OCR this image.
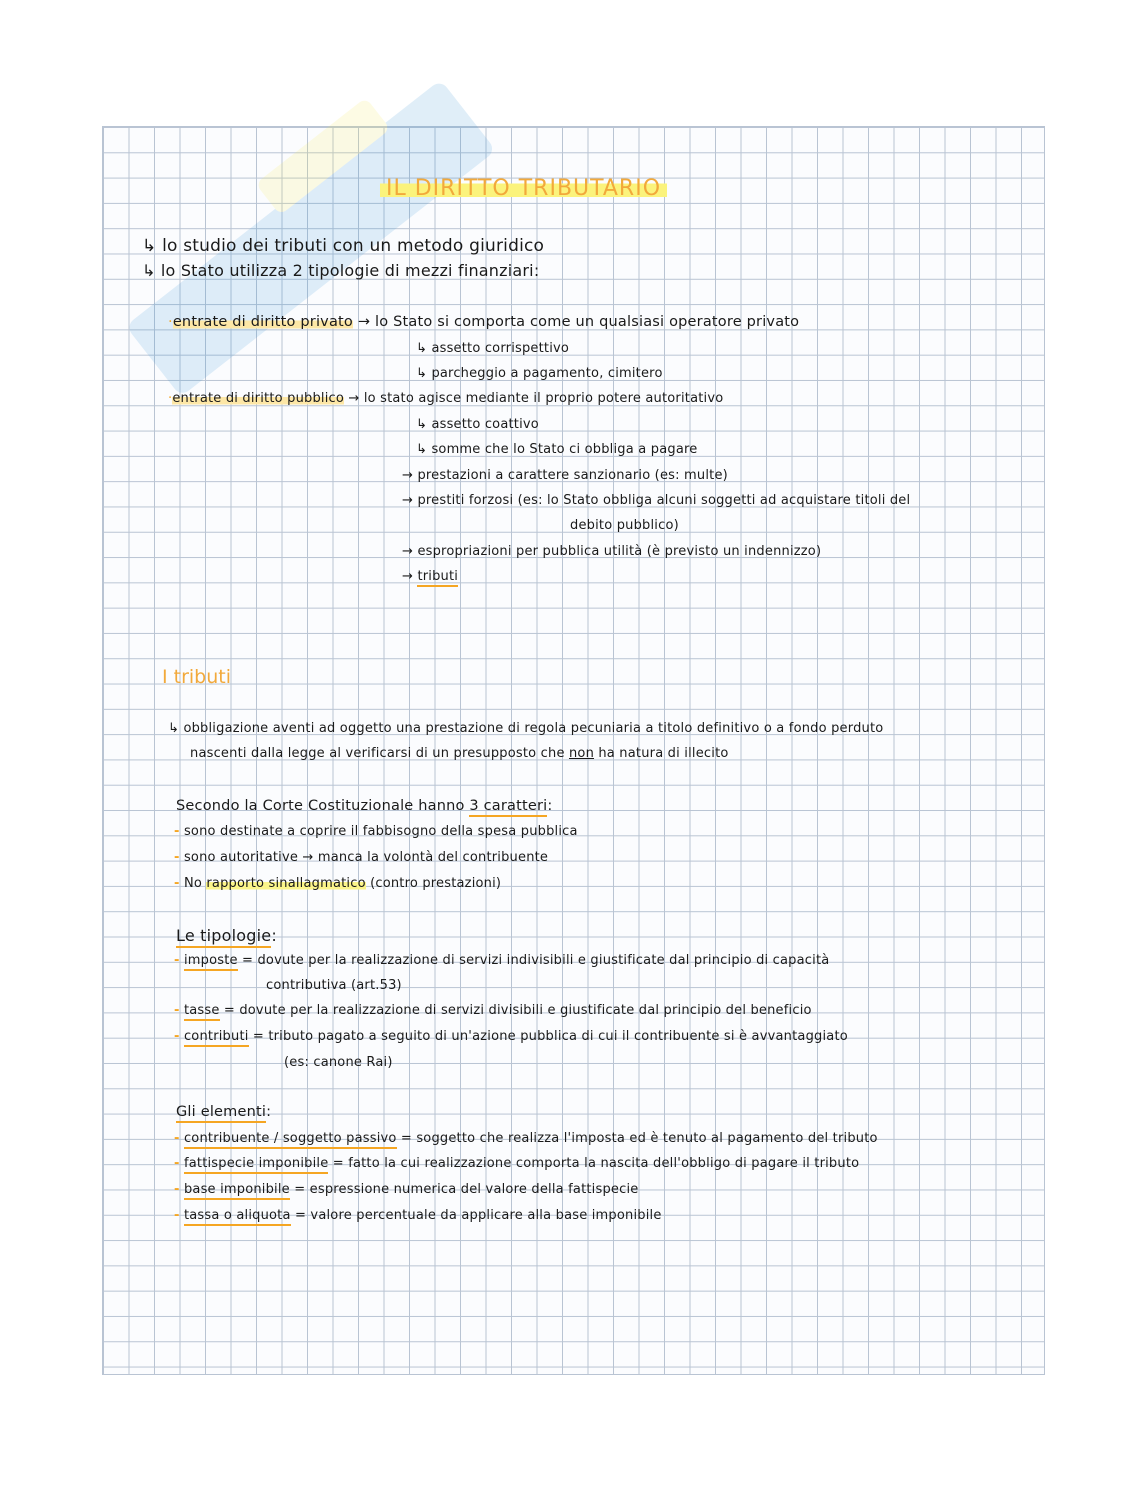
IL DIRITTO TRIBUTARIO
↳ lo studio dei tributi con un metodo giuridico
↳ lo Stato utilizza 2 tipologie di mezzi finanziari:
·entrate di diritto privato → lo Stato si comporta come un qualsiasi operatore privato
↳ assetto corrispettivo
↳ parcheggio a pagamento, cimitero
·entrate di diritto pubblico → lo stato agisce mediante il proprio potere autoritativo
↳ assetto coattivo
↳ somme che lo Stato ci obbliga a pagare
→ prestazioni a carattere sanzionario (es: multe)
→ prestiti forzosi (es: lo Stato obbliga alcuni soggetti ad acquistare titoli del
debito pubblico)
→ espropriazioni per pubblica utilità (è previsto un indennizzo)
→ tributi
I tributi
↳ obbligazione aventi ad oggetto una prestazione di regola pecuniaria a titolo definitivo o a fondo perduto
nascenti dalla legge al verificarsi di un presupposto che non ha natura di illecito
Secondo la Corte Costituzionale hanno 3 caratteri:
- sono destinate a coprire il fabbisogno della spesa pubblica
- sono autoritative → manca la volontà del contribuente
- No rapporto sinallagmatico (contro prestazioni)
Le tipologie:
- imposte = dovute per la realizzazione di servizi indivisibili e giustificate dal principio di capacità
contributiva (art.53)
- tasse = dovute per la realizzazione di servizi divisibili e giustificate dal principio del beneficio
- contributi = tributo pagato a seguito di un'azione pubblica di cui il contribuente si è avvantaggiato
(es: canone Rai)
Gli elementi:
- contribuente / soggetto passivo = soggetto che realizza l'imposta ed è tenuto al pagamento del tributo
- fattispecie imponibile = fatto la cui realizzazione comporta la nascita dell'obbligo di pagare il tributo
- base imponibile = espressione numerica del valore della fattispecie
- tassa o aliquota = valore percentuale da applicare alla base imponibile
